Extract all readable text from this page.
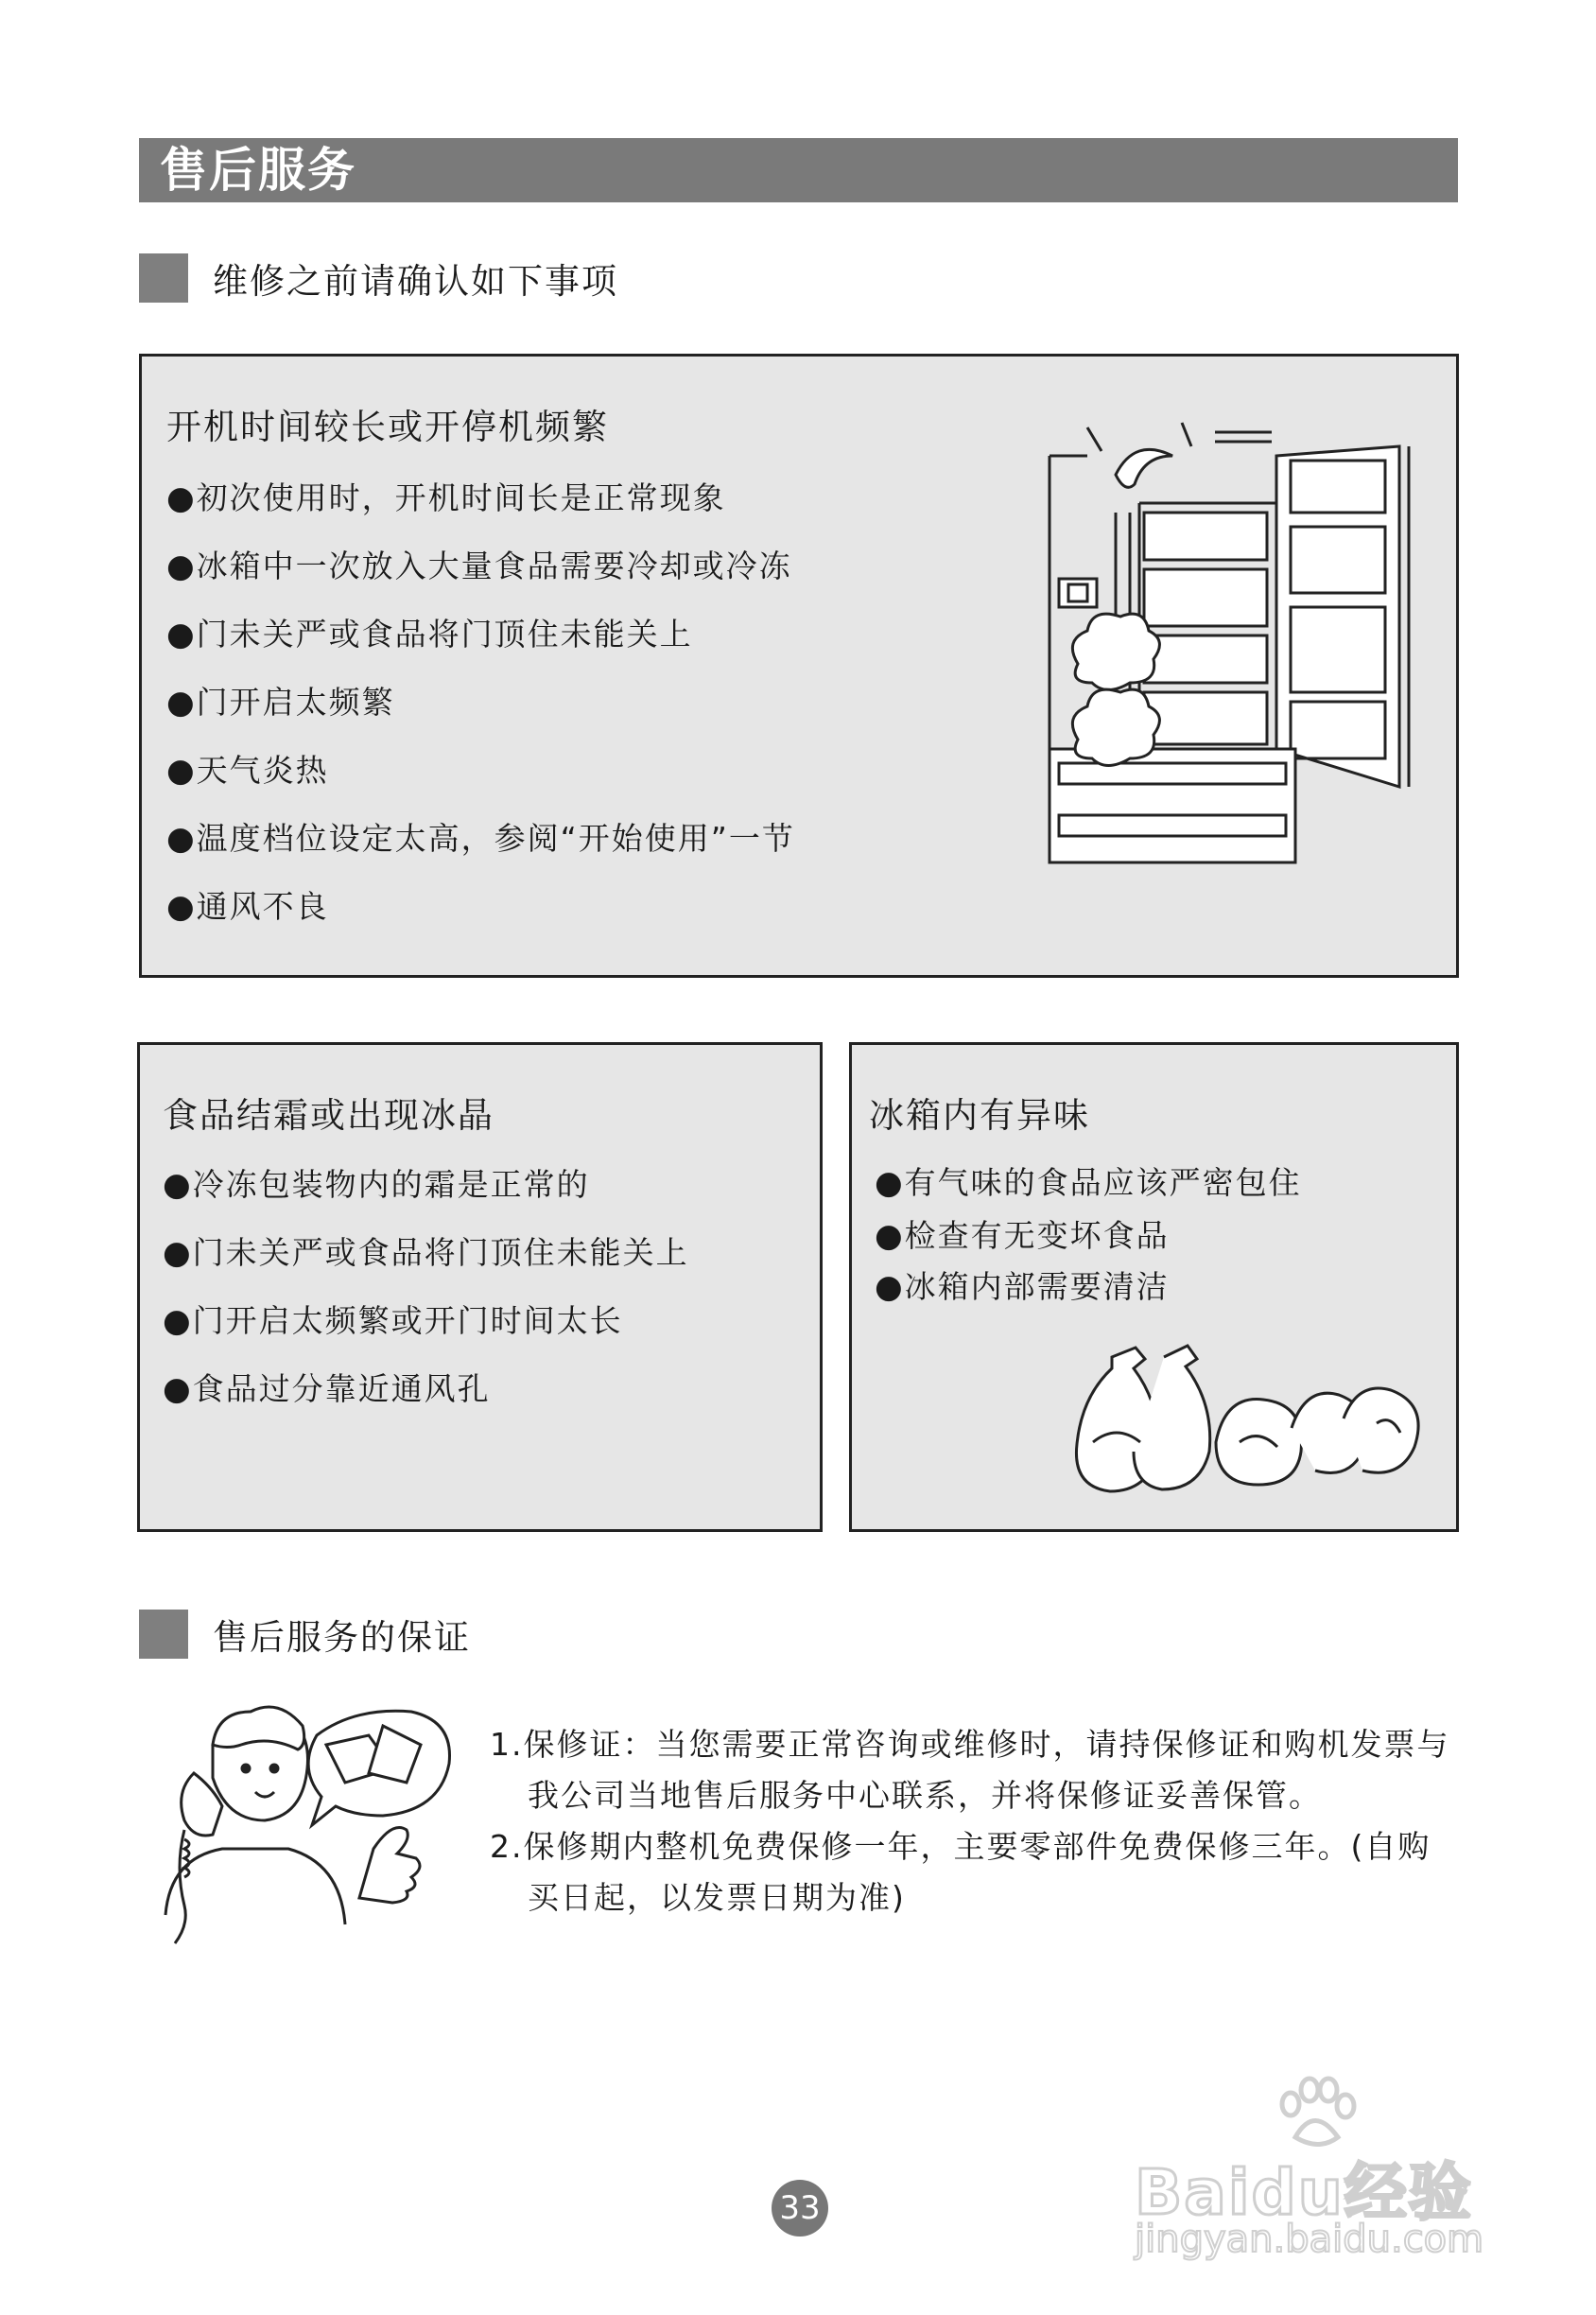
售后服务
维修之前请确认如下事项
开机时间较长或开停机频繁
●初次使用时，开机时间长是正常现象
●冰箱中一次放入大量食品需要冷却或冷冻
●门未关严或食品将门顶住未能关上
●门开启太频繁
●天气炎热
●温度档位设定太高，参阅“开始使用”一节
●通风不良
食品结霜或出现冰晶
●冷冻包装物内的霜是正常的
●门未关严或食品将门顶住未能关上
●门开启太频繁或开门时间太长
●食品过分靠近通风孔
冰箱内有异味
●有气味的食品应该严密包住
●检查有无变坏食品
●冰箱内部需要清洁
售后服务的保证
1.保修证：当您需要正常咨询或维修时，请持保修证和购机发票与
我公司当地售后服务中心联系，并将保修证妥善保管。
2.保修期内整机免费保修一年，主要零部件免费保修三年。(自购
买日起，以发票日期为准)
33	Baidu经验
jingyan.baidu.com
